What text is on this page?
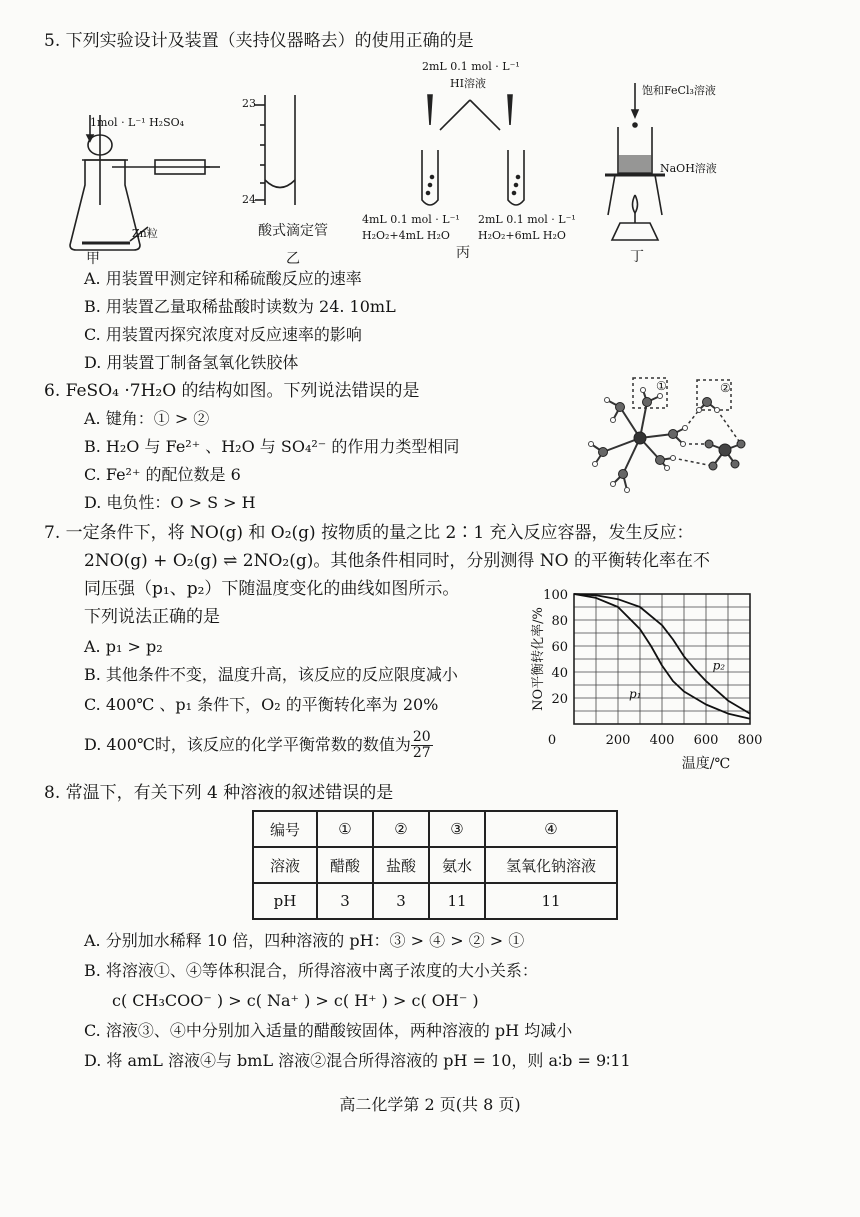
5. 下列实验设计及装置（夹持仪器略去）的使用正确的是
1mol · L⁻¹ H₂SO₄
Zn粒
甲
23
24
酸式滴定管
乙
2mL 0.1 mol · L⁻¹
HI溶液
4mL 0.1 mol · L⁻¹
H₂O₂+4mL H₂O
2mL 0.1 mol · L⁻¹
H₂O₂+6mL H₂O
丙
饱和FeCl₃溶液
NaOH溶液
丁
A. 用装置甲测定锌和稀硫酸反应的速率
B. 用装置乙量取稀盐酸时读数为 24. 10mL
C. 用装置丙探究浓度对反应速率的影响
D. 用装置丁制备氢氧化铁胶体
6. FeSO₄ ·7H₂O 的结构如图。下列说法错误的是
A. 键角：① > ②
B. H₂O 与 Fe²⁺ 、H₂O 与 SO₄²⁻ 的作用力类型相同
C. Fe²⁺ 的配位数是 6
D. 电负性：O > S > H
①	②
7. 一定条件下，将 NO(g) 和 O₂(g) 按物质的量之比 2∶1 充入反应容器，发生反应：
2NO(g) + O₂(g) ⇌ 2NO₂(g)。其他条件相同时，分别测得 NO 的平衡转化率在不
同压强（p₁、p₂）下随温度变化的曲线如图所示。
下列说法正确的是
A. p₁ > p₂
B. 其他条件不变，温度升高，该反应的反应限度减小
C. 400℃ 、p₁ 条件下，O₂ 的平衡转化率为 20%
D. 400℃时，该反应的化学平衡常数的数值为 $\frac{20}{27}$	0	200 400 600 800
20
40
60
80
100
p₁
p₂
温度/℃
NO平衡转化率/%
8. 常温下，有关下列 4 种溶液的叙述错误的是
编号	①	②	③	④
溶液	醋酸	盐酸	氨水	氢氧化钠溶液
pH	3	3	11	11
A. 分别加水稀释 10 倍，四种溶液的 pH：③ > ④ > ② > ①
B. 将溶液①、④等体积混合，所得溶液中离子浓度的大小关系：
c( CH₃COO⁻ ) > c( Na⁺ ) > c( H⁺ ) > c( OH⁻ )
C. 溶液③、④中分别加入适量的醋酸铵固体，两种溶液的 pH 均减小
D. 将 amL 溶液④与 bmL 溶液②混合所得溶液的 pH = 10，则 a∶b = 9∶11
高二化学第 2 页(共 8 页)
